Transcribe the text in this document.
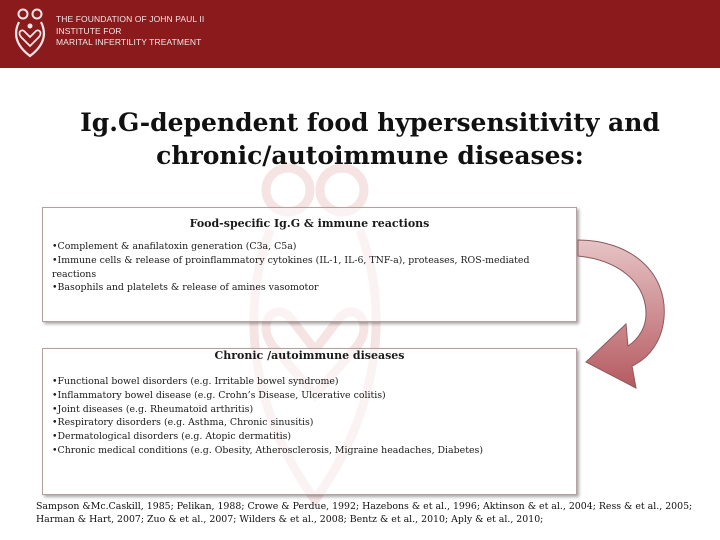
THE FOUNDATION OF JOHN PAUL II
INSTITUTE FOR
MARITAL INFERTILITY TREATMENT
Ig.G-dependent food hypersensitivity and
chronic/autoimmune diseases:
Food-specific Ig.G & immune reactions
•Complement & anafilatoxin generation (C3a, C5a)
•Immune cells & release of proinflammatory cytokines (IL-1, IL-6, TNF-a), proteases, ROS-mediated reactions
•Basophils and platelets & release of amines vasomotor
Chronic /autoimmune diseases
•Functional bowel disorders (e.g. Irritable bowel syndrome)
•Inflammatory bowel disease (e.g. Crohn’s Disease, Ulcerative colitis)
•Joint diseases (e.g. Rheumatoid arthritis)
•Respiratory disorders (e.g. Asthma, Chronic sinusitis)
•Dermatological disorders (e.g. Atopic dermatitis)
•Chronic medical conditions (e.g. Obesity, Atherosclerosis, Migraine headaches, Diabetes)
Sampson &Mc.Caskill, 1985; Pelikan, 1988; Crowe & Perdue, 1992; Hazebons & et al., 1996; Aktinson & et al., 2004; Ress & et al., 2005; Harman & Hart, 2007; Zuo & et al., 2007; Wilders & et al., 2008; Bentz & et al., 2010; Aply & et al., 2010;
